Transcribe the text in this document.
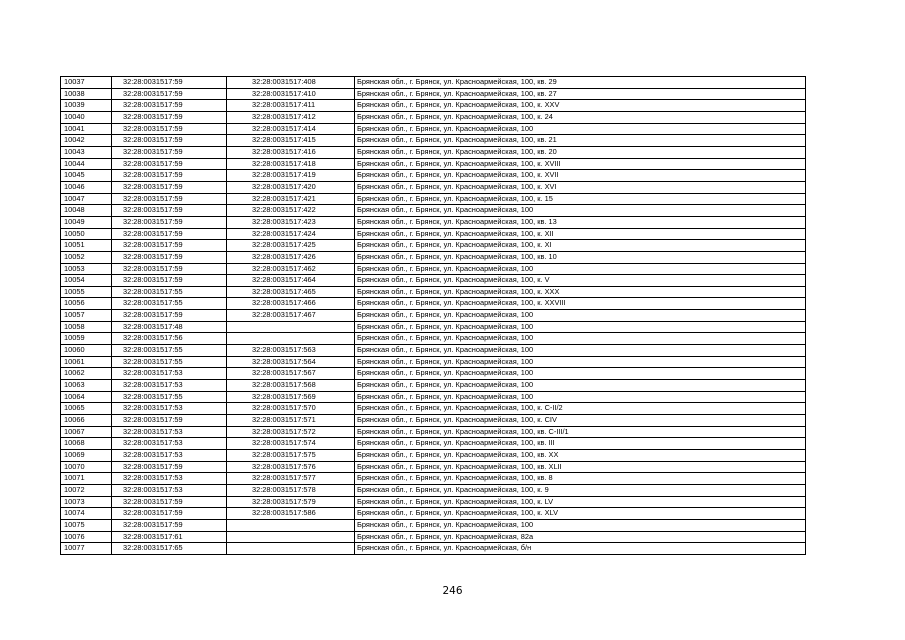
10037	32:28:0031517:59	32:28:0031517:408	Брянская обл., г. Брянск, ул. Красноармейская, 100, кв. 29
10038	32:28:0031517:59	32:28:0031517:410	Брянская обл., г. Брянск, ул. Красноармейская, 100, кв. 27
10039	32:28:0031517:59	32:28:0031517:411	Брянская обл., г. Брянск, ул. Красноармейская, 100, к. XXV
10040	32:28:0031517:59	32:28:0031517:412	Брянская обл., г. Брянск, ул. Красноармейская, 100, к. 24
10041	32:28:0031517:59	32:28:0031517:414	Брянская обл., г. Брянск, ул. Красноармейская, 100
10042	32:28:0031517:59	32:28:0031517:415	Брянская обл., г. Брянск, ул. Красноармейская, 100, кв. 21
10043	32:28:0031517:59	32:28:0031517:416	Брянская обл., г. Брянск, ул. Красноармейская, 100, кв. 20
10044	32:28:0031517:59	32:28:0031517:418	Брянская обл., г. Брянск, ул. Красноармейская, 100, к. XVIII
10045	32:28:0031517:59	32:28:0031517:419	Брянская обл., г. Брянск, ул. Красноармейская, 100, к. XVII
10046	32:28:0031517:59	32:28:0031517:420	Брянская обл., г. Брянск, ул. Красноармейская, 100, к. XVI
10047	32:28:0031517:59	32:28:0031517:421	Брянская обл., г. Брянск, ул. Красноармейская, 100, к. 15
10048	32:28:0031517:59	32:28:0031517:422	Брянская обл., г. Брянск, ул. Красноармейская, 100
10049	32:28:0031517:59	32:28:0031517:423	Брянская обл., г. Брянск, ул. Красноармейская, 100, кв. 13
10050	32:28:0031517:59	32:28:0031517:424	Брянская обл., г. Брянск, ул. Красноармейская, 100, к. XII
10051	32:28:0031517:59	32:28:0031517:425	Брянская обл., г. Брянск, ул. Красноармейская, 100, к. XI
10052	32:28:0031517:59	32:28:0031517:426	Брянская обл., г. Брянск, ул. Красноармейская, 100, кв. 10
10053	32:28:0031517:59	32:28:0031517:462	Брянская обл., г. Брянск, ул. Красноармейская, 100
10054	32:28:0031517:59	32:28:0031517:464	Брянская обл., г. Брянск, ул. Красноармейская, 100, к. V
10055	32:28:0031517:55	32:28:0031517:465	Брянская обл., г. Брянск, ул. Красноармейская, 100, к. XXX
10056	32:28:0031517:55	32:28:0031517:466	Брянская обл., г. Брянск, ул. Красноармейская, 100, к. XXVIII
10057	32:28:0031517:59	32:28:0031517:467	Брянская обл., г. Брянск, ул. Красноармейская, 100
10058	32:28:0031517:48		Брянская обл., г. Брянск, ул. Красноармейская, 100
10059	32:28:0031517:56		Брянская обл., г. Брянск, ул. Красноармейская, 100
10060	32:28:0031517:55	32:28:0031517:563	Брянская обл., г. Брянск, ул. Красноармейская, 100
10061	32:28:0031517:55	32:28:0031517:564	Брянская обл., г. Брянск, ул. Красноармейская, 100
10062	32:28:0031517:53	32:28:0031517:567	Брянская обл., г. Брянск, ул. Красноармейская, 100
10063	32:28:0031517:53	32:28:0031517:568	Брянская обл., г. Брянск, ул. Красноармейская, 100
10064	32:28:0031517:55	32:28:0031517:569	Брянская обл., г. Брянск, ул. Красноармейская, 100
10065	32:28:0031517:53	32:28:0031517:570	Брянская обл., г. Брянск, ул. Красноармейская, 100, к. С-II/2
10066	32:28:0031517:59	32:28:0031517:571	Брянская обл., г. Брянск, ул. Красноармейская, 100, к. CIV
10067	32:28:0031517:53	32:28:0031517:572	Брянская обл., г. Брянск, ул. Красноармейская, 100, кв. С-III/1
10068	32:28:0031517:53	32:28:0031517:574	Брянская обл., г. Брянск, ул. Красноармейская, 100, кв. III
10069	32:28:0031517:53	32:28:0031517:575	Брянская обл., г. Брянск, ул. Красноармейская, 100, кв. XX
10070	32:28:0031517:59	32:28:0031517:576	Брянская обл., г. Брянск, ул. Красноармейская, 100, кв. XLII
10071	32:28:0031517:53	32:28:0031517:577	Брянская обл., г. Брянск, ул. Красноармейская, 100, кв. 8
10072	32:28:0031517:53	32:28:0031517:578	Брянская обл., г. Брянск, ул. Красноармейская, 100, к. 9
10073	32:28:0031517:59	32:28:0031517:579	Брянская обл., г. Брянск, ул. Красноармейская, 100, к. LV
10074	32:28:0031517:59	32:28:0031517:586	Брянская обл., г. Брянск, ул. Красноармейская, 100, к. XLV
10075	32:28:0031517:59		Брянская обл., г. Брянск, ул. Красноармейская, 100
10076	32:28:0031517:61		Брянская обл., г. Брянск, ул. Красноармейская, 82а
10077	32:28:0031517:65		Брянская обл., г. Брянск, ул. Красноармейская, б/н
246
